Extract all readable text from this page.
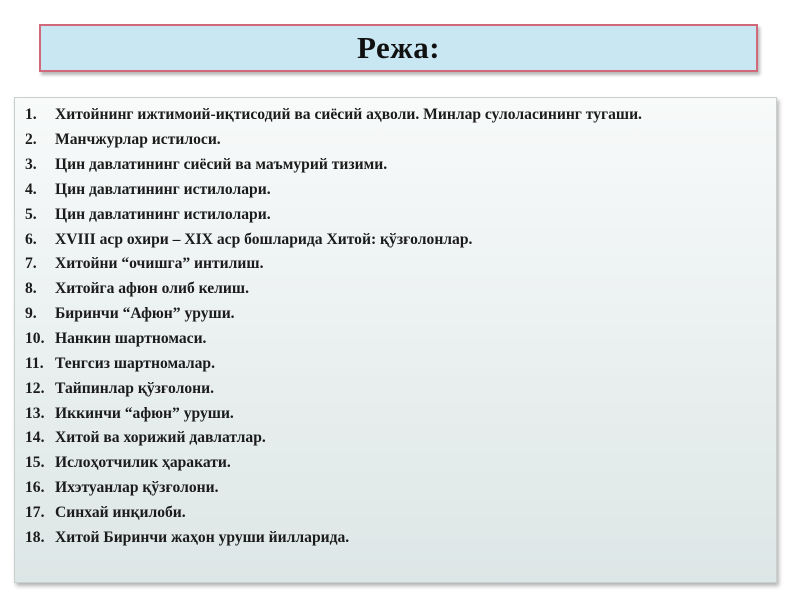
Режа:
1.	Хитойнинг ижтимоий-иқтисодий ва сиёсий аҳволи. Минлар сулоласининг тугаши.
2.	Манчжурлар истилоси.
3.	Цин давлатининг сиёсий ва маъмурий тизими.
4.	Цин давлатининг истилолари.
5.	Цин давлатининг истилолари.
6.	XVIII аср охири – XIX аср бошларида Хитой: қўзғолонлар.
7.	Хитойни “очишга” интилиш.
8.	Хитойга афюн олиб келиш.
9.	Биринчи “Афюн” уруши.
10. Нанкин шартномаси.
11. Тенгсиз шартномалар.
12. Тайпинлар қўзғолони.
13. Иккинчи “афюн” уруши.
14. Хитой ва хорижий давлатлар.
15. Ислоҳотчилик ҳаракати.
16. Ихэтуанлар қўзғолони.
17. Синхай инқилоби.
18. Хитой Биринчи жаҳон уруши йилларида.
